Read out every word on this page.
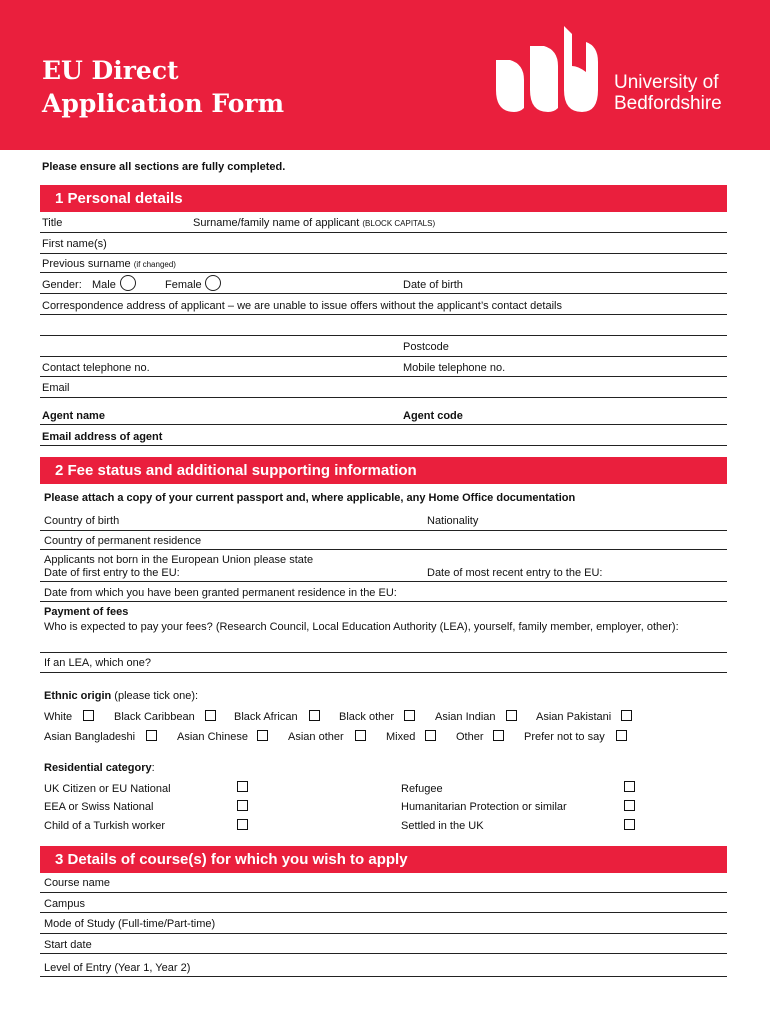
EU Direct
Application Form
University of
Bedfordshire
Please ensure all sections are fully completed.
1 Personal details
Title	Surname/family name of applicant (BLOCK CAPITALS)
First name(s)
Previous surname (if changed)
Gender: Male	Female	Date of birth
Correspondence address of applicant – we are unable to issue offers without the applicant’s contact details
Postcode
Contact telephone no.	Mobile telephone no.
Email
Agent name	Agent code
Email address of agent
2 Fee status and additional supporting information
Please attach a copy of your current passport and, where applicable, any Home Office documentation
Country of birth	Nationality
Country of permanent residence
Applicants not born in the European Union please state
Date of first entry to the EU:	Date of most recent entry to the EU:
Date from which you have been granted permanent residence in the EU:
Payment of fees
Who is expected to pay your fees? (Research Council, Local Education Authority (LEA), yourself, family member, employer, other):
If an LEA, which one?
Ethnic origin (please tick one):
White	Black Caribbean	Black African	Black other	Asian Indian	Asian Pakistani
Asian Bangladeshi	Asian Chinese	Asian other	Mixed	Other	Prefer not to say
Residential category:
UK Citizen or EU National	Refugee
EEA or Swiss National	Humanitarian Protection or similar
Child of a Turkish worker	Settled in the UK
3 Details of course(s) for which you wish to apply
Course name
Campus
Mode of Study (Full-time/Part-time)
Start date
Level of Entry (Year 1, Year 2)
